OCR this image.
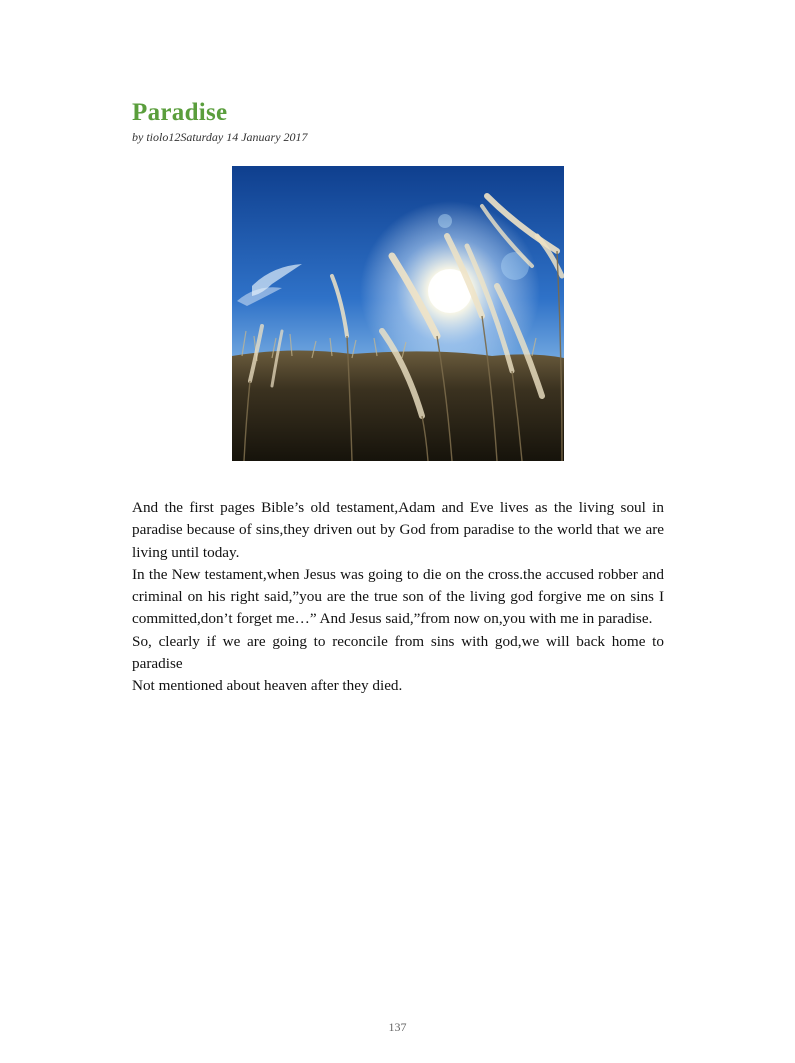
Paradise
by tiolo12Saturday 14 January 2017

And the first pages Bible’s old testament,Adam and Eve lives as the living soul in paradise because of sins,they driven out by God from paradise to the world that we are living until today.

In the New testament,when Jesus was going to die on the cross.the accused robber and criminal on his right said,”you are the true son of the living god forgive me on sins I committed,don’t forget me…” And Jesus said,”from now on,you with me in paradise.

So, clearly if we are going to reconcile from sins with god,we will back home to paradise

Not mentioned about heaven after they died.

137
